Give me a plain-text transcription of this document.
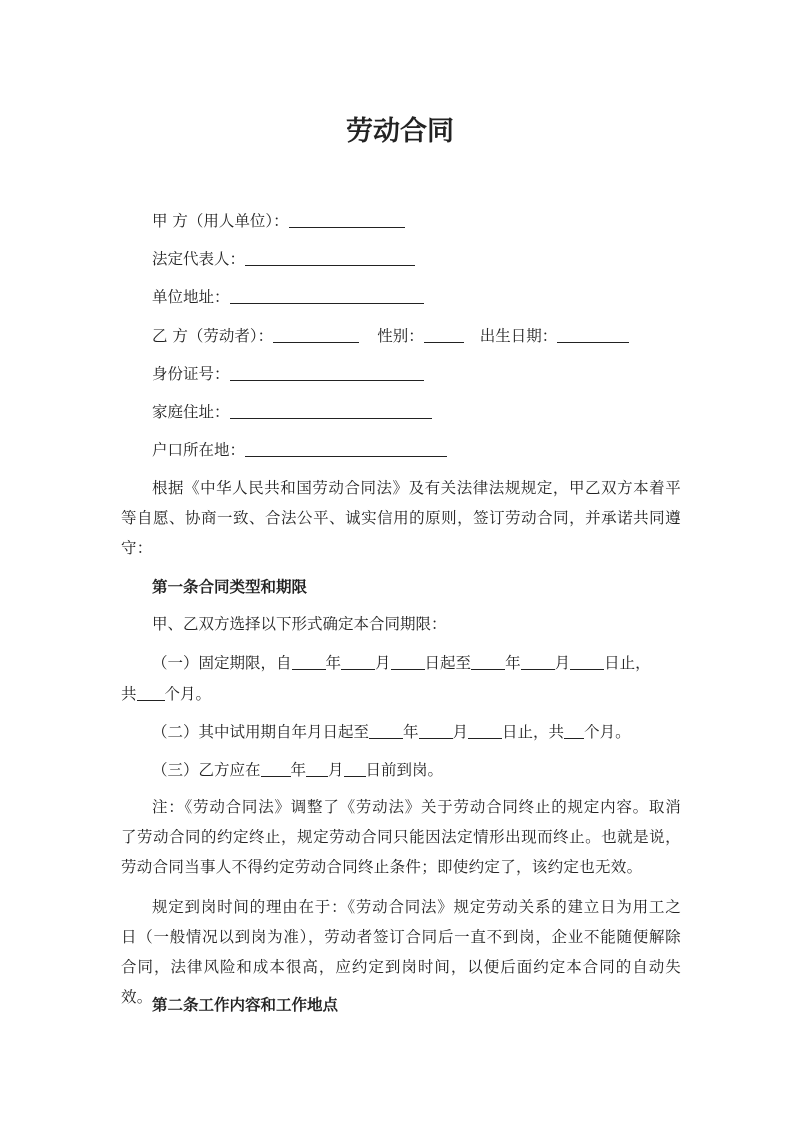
劳动合同
甲 方（用人单位）：
法定代表人：
单位地址：
乙 方（劳动者）：	性别：	出生日期：
身份证号：
家庭住址：
户口所在地：
根据《中华人民共和国劳动合同法》及有关法律法规规定，甲乙双方本着平等自愿、协商一致、合法公平、诚实信用的原则，签订劳动合同，并承诺共同遵守：
第一条合同类型和期限
甲、乙双方选择以下形式确定本合同期限：
（一）固定期限，自 年 月 日起至 年 月 日止，
共 个月。
（二）其中试用期自年月日起至 年 月 日止，共 个月。
（三）乙方应在 年 月 日前到岗。
注：《劳动合同法》调整了《劳动法》关于劳动合同终止的规定内容。取消了劳动合同的约定终止，规定劳动合同只能因法定情形出现而终止。也就是说，劳动合同当事人不得约定劳动合同终止条件；即使约定了，该约定也无效。
规定到岗时间的理由在于：《劳动合同法》规定劳动关系的建立日为用工之日（一般情况以到岗为准），劳动者签订合同后一直不到岗，企业不能随便解除合同，法律风险和成本很高，应约定到岗时间，以便后面约定本合同的自动失效。 第二条工作内容和工作地点
